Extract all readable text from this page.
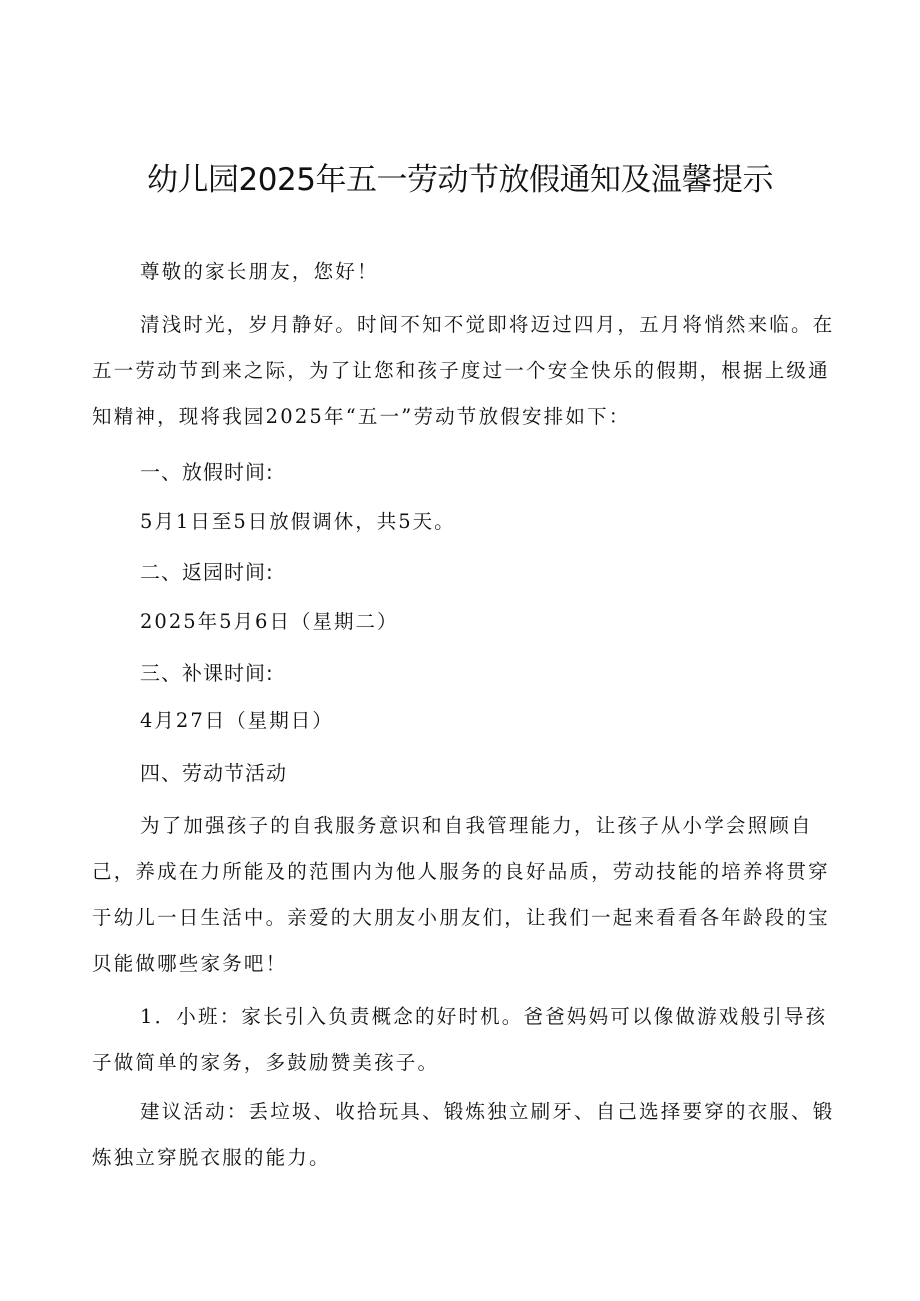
幼儿园2025年五一劳动节放假通知及温馨提示
尊敬的家长朋友，您好！
清浅时光，岁月静好。时间不知不觉即将迈过四月，五月将悄然来临。在五一劳动节到来之际，为了让您和孩子度过一个安全快乐的假期，根据上级通知精神，现将我园2025年“五一”劳动节放假安排如下：
一、放假时间:
5月1日至5日放假调休，共5天。
二、返园时间:
2025年5月6日（星期二）
三、补课时间:
4月27日（星期日）
四、劳动节活动
为了加强孩子的自我服务意识和自我管理能力，让孩子从小学会照顾自己，养成在力所能及的范围内为他人服务的良好品质，劳动技能的培养将贯穿于幼儿一日生活中。亲爱的大朋友小朋友们，让我们一起来看看各年龄段的宝贝能做哪些家务吧！
1．小班：家长引入负责概念的好时机。爸爸妈妈可以像做游戏般引导孩子做简单的家务，多鼓励赞美孩子。
建议活动：丢垃圾、收拾玩具、锻炼独立刷牙、自己选择要穿的衣服、锻炼独立穿脱衣服的能力。
